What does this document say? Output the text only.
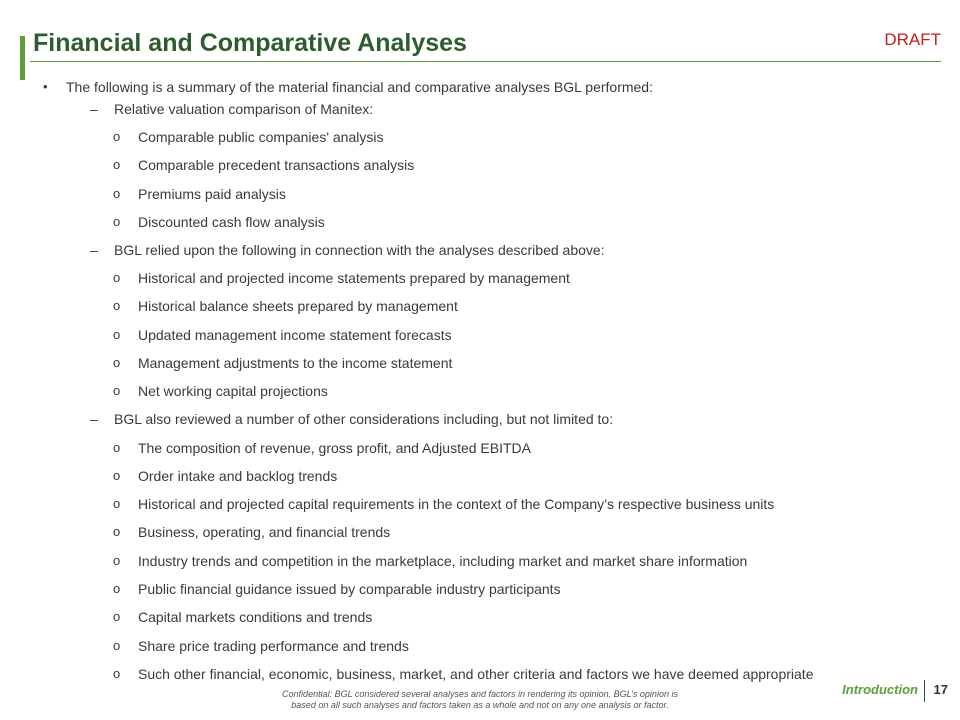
Financial and Comparative Analyses	DRAFT
• The following is a summary of the material financial and comparative analyses BGL performed:
– Relative valuation comparison of Manitex:
o Comparable public companies' analysis
o Comparable precedent transactions analysis
o Premiums paid analysis
o Discounted cash flow analysis
– BGL relied upon the following in connection with the analyses described above:
o Historical and projected income statements prepared by management
o Historical balance sheets prepared by management
o Updated management income statement forecasts
o Management adjustments to the income statement
o Net working capital projections
– BGL also reviewed a number of other considerations including, but not limited to:
o The composition of revenue, gross profit, and Adjusted EBITDA
o Order intake and backlog trends
o Historical and projected capital requirements in the context of the Company’s respective business units
o Business, operating, and financial trends
o Industry trends and competition in the marketplace, including market and market share information
o Public financial guidance issued by comparable industry participants
o Capital markets conditions and trends
o Share price trading performance and trends
o Such other financial, economic, business, market, and other criteria and factors we have deemed appropriate
Confidential: BGL considered several analyses and factors in rendering its opinion. BGL’s opinion is
based on all such analyses and factors taken as a whole and not on any one analysis or factor.
Introduction 17
